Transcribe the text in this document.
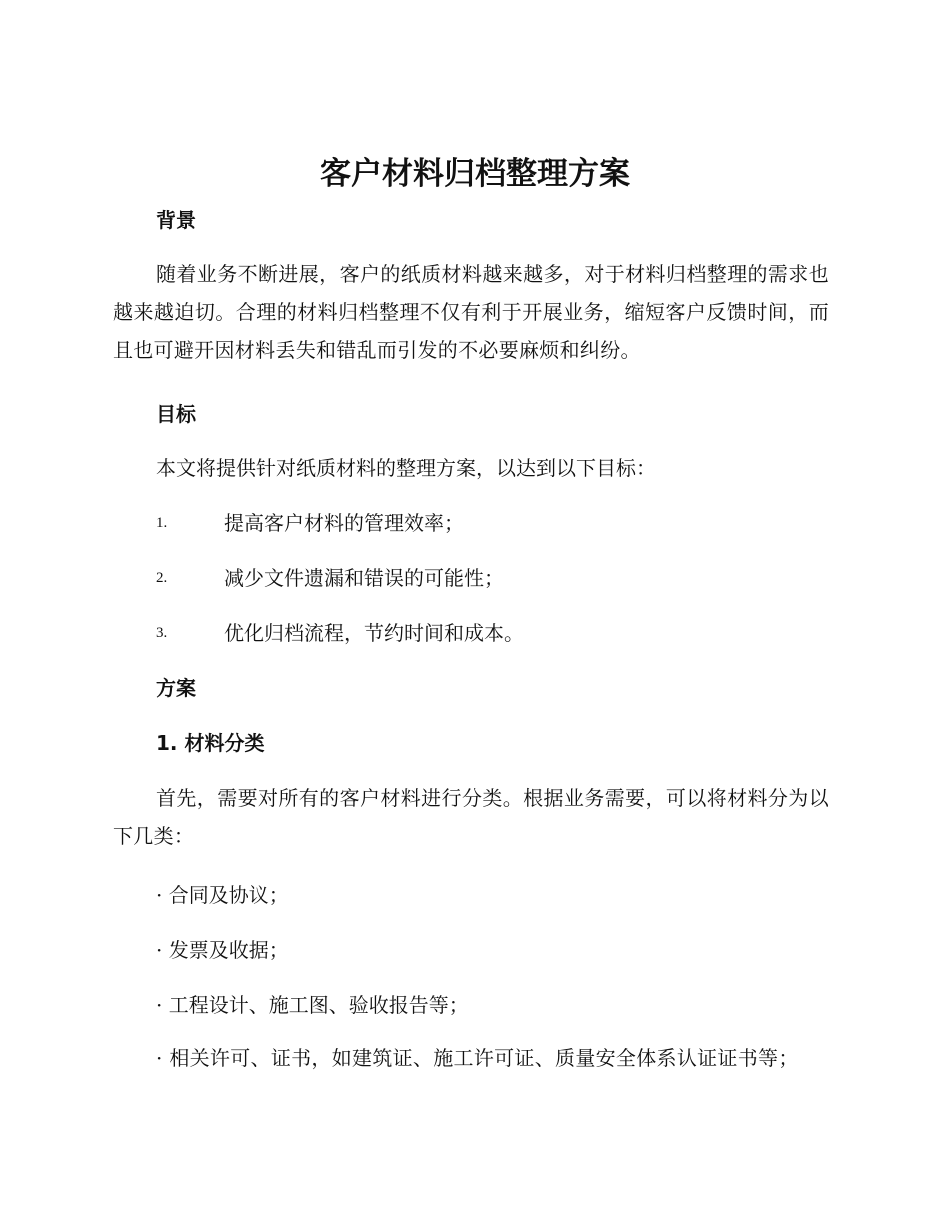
客户材料归档整理方案
背景

随着业务不断进展，客户的纸质材料越来越多，对于材料归档整理的需求也越来越迫切。合理的材料归档整理不仅有利于开展业务，缩短客户反馈时间，而且也可避开因材料丢失和错乱而引发的不必要麻烦和纠纷。

目标

本文将提供针对纸质材料的整理方案，以达到以下目标：

1.	提高客户材料的管理效率；
2.	减少文件遗漏和错误的可能性；
3.	优化归档流程，节约时间和成本。
方案
1. 材料分类

首先，需要对所有的客户材料进行分类。根据业务需要，可以将材料分为以下几类：

· 合同及协议；

· 发票及收据；

· 工程设计、施工图、验收报告等；

· 相关许可、证书，如建筑证、施工许可证、质量安全体系认证证书等；
